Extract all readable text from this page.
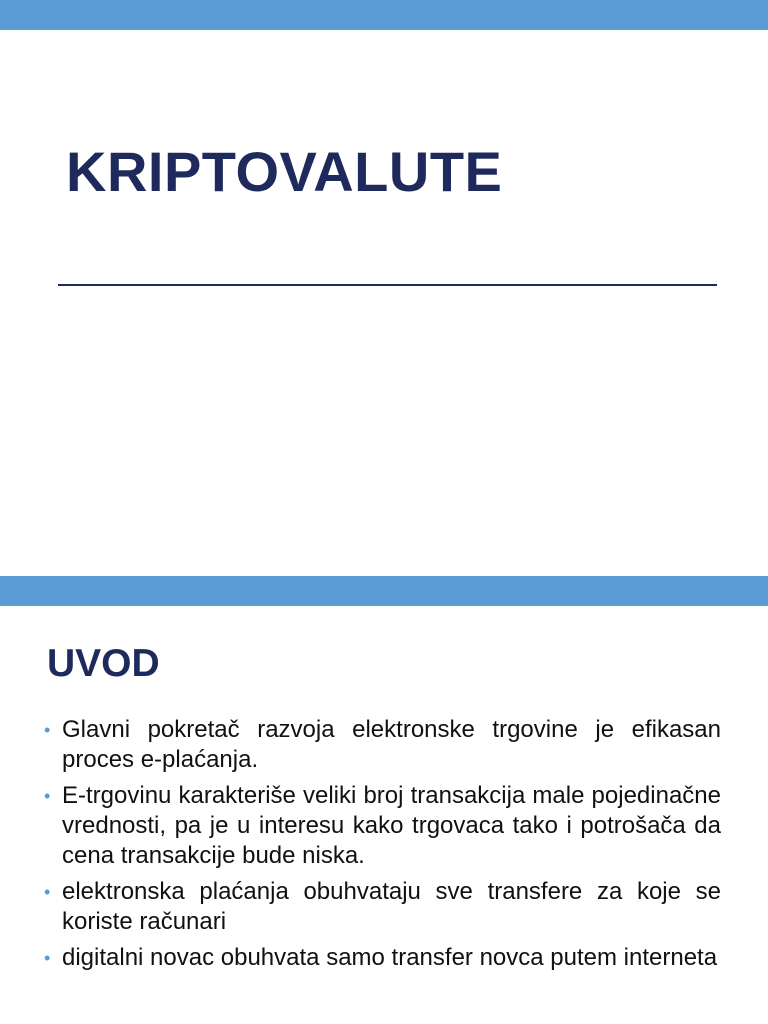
KRIPTOVALUTE
UVOD
• Glavni pokretač razvoja elektronske trgovine je efikasan proces e-plaćanja.
• E-trgovinu karakteriše veliki broj transakcija male pojedinačne vrednosti, pa je u interesu kako trgovaca tako i potrošača da cena transakcije bude niska.
• elektronska plaćanja obuhvataju sve transfere za koje se koriste računari
• digitalni novac obuhvata samo transfer novca putem interneta
